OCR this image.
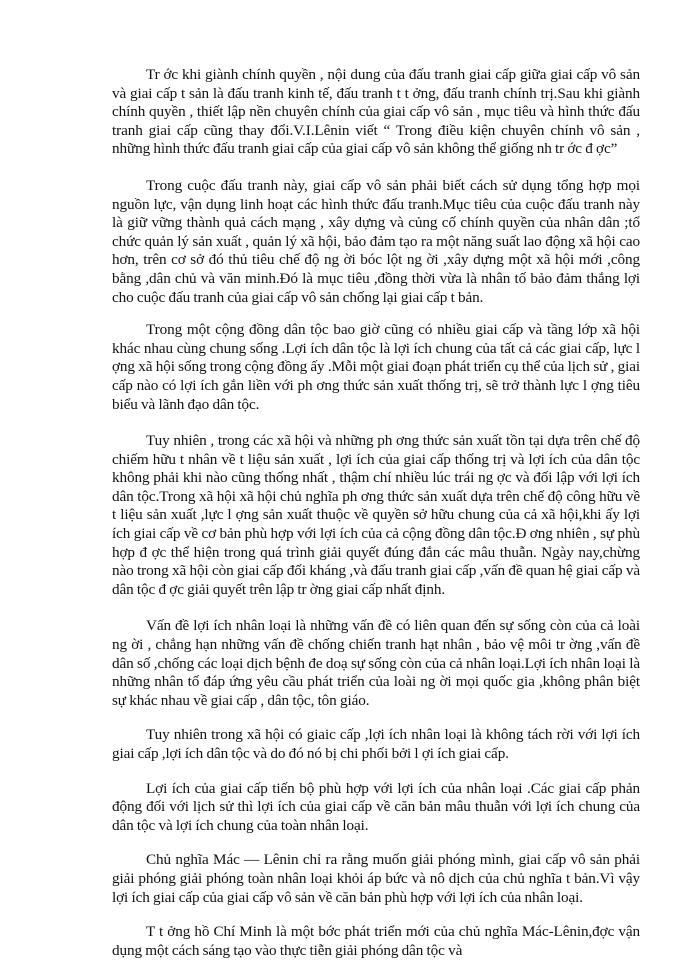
Tr ớc khi giành chính quyền , nội dung của đấu tranh giai cấp giữa giai cấp vô sản và giai cấp t sản là đấu tranh kinh tế, đấu tranh t t ởng, đấu tranh chính trị.Sau khi giành chính quyền , thiết lập nền chuyên chính của giai cấp vô sản , mục tiêu và hình thức đấu tranh giai cấp cũng thay đổi.V.I.Lênin viết “ Trong điều kiện chuyên chính vô sản , những hình thức đấu tranh giai cấp của giai cấp vô sản không thể giống nh tr ớc đ ợc”

Trong cuộc đấu tranh này, giai cấp vô sản phải biết cách sử dụng tổng hợp mọi nguồn lực, vận dụng linh hoạt các hình thức đấu tranh.Mục tiêu của cuộc đấu tranh này là giữ vững thành quả cách mạng , xây dựng và củng cố chính quyền của nhân dân ;tổ chức quản lý sản xuất , quản lý xã hội, bảo đảm tạo ra một năng suất lao động xã hội cao hơn, trên cơ sở đó thủ tiêu chế độ ng ời bóc lột ng ời ,xây dựng một xã hội mới ,công bằng ,dân chủ và văn minh.Đó là mục tiêu ,đồng thời vừa là nhân tố bảo đảm thắng lợi cho cuộc đấu tranh của giai cấp vô sản chống lại giai cấp t bản.

Trong một cộng đồng dân tộc bao giờ cũng có nhiều giai cấp và tầng lớp xã hội khác nhau cùng chung sống .Lợi ích dân tộc là lợi ích chung của tất cả các giai cấp, lực l ợng xã hội sống trong cộng đồng ấy .Mỗi một giai đoạn phát triển cụ thể của lịch sử , giai cấp nào có lợi ích gắn liền với ph ơng thức sản xuất thống trị, sẽ trở thành lực l ợng tiêu biểu và lãnh đạo dân tộc.

Tuy nhiên , trong các xã hội và những ph ơng thức sản xuất tồn tại dựa trên chế độ chiếm hữu t nhân về t liệu sản xuất , lợi ích của giai cấp thống trị và lợi ích của dân tộc không phải khi nào cũng thống nhất , thậm chí nhiều lúc trái ng ợc và đối lập với lợi ích dân tộc.Trong xã hội xã hội chủ nghĩa ph ơng thức sản xuất dựa trên chế độ công hữu về t liệu sản xuất ,lực l ợng sản xuất thuộc về quyền sở hữu chung của cả xã hội,khi ấy lợi ích giai cấp về cơ bản phù hợp với lợi ích của cả cộng đồng dân tộc.Đ ơng nhiên , sự phù hợp đ ợc thể hiện trong quá trình giải quyết đúng đắn các mâu thuẫn. Ngày nay,chừng nào trong xã hội còn giai cấp đối kháng ,và đấu tranh giai cấp ,vấn đề quan hệ giai cấp và dân tộc đ ợc giải quyết trên lập tr ờng giai cấp nhất định.

Vấn đề lợi ích nhân loại là những vấn đề có liên quan đến sự sống còn của cả loài ng ời , chẳng hạn những vấn đề chống chiến tranh hạt nhân , bảo vệ môi tr ờng ,vấn đề dân số ,chống các loại dịch bệnh đe doạ sự sống còn của cả nhân loại.Lợi ích nhân loại là những nhân tố đáp ứng yêu cầu phát triển của loài ng ời mọi quốc gia ,không phân biệt sự khác nhau về giai cấp , dân tộc, tôn giáo.

Tuy nhiên trong xã hội có giaic cấp ,lợi ích nhân loại là không tách rời với lợi ích giai cấp ,lợi ích dân tộc và do đó nó bị chi phối bởi l ợi ích giai cấp.

Lợi ích của giai cấp tiến bộ phù hợp với lợi ích của nhân loại .Các giai cấp phản động đối với lịch sử thì lợi ích của giai cấp về căn bản mâu thuẫn với lợi ích chung của dân tộc và lợi ích chung của toàn nhân loại.

Chủ nghĩa Mác — Lênin chỉ ra rằng muốn giải phóng mình, giai cấp vô sản phải giải phóng giải phóng toàn nhân loại khỏi áp bức và nô dịch của chủ nghĩa t bản.Vì vậy lợi ích giai cấp của giai cấp vô sản về căn bản phù hợp với lợi ích của nhân loại.

T t ởng hồ Chí Minh là một bớc phát triển mới của chủ nghĩa Mác-Lênin,đợc vận dụng một cách sáng tạo vào thực tiễn giải phóng dân tộc và
